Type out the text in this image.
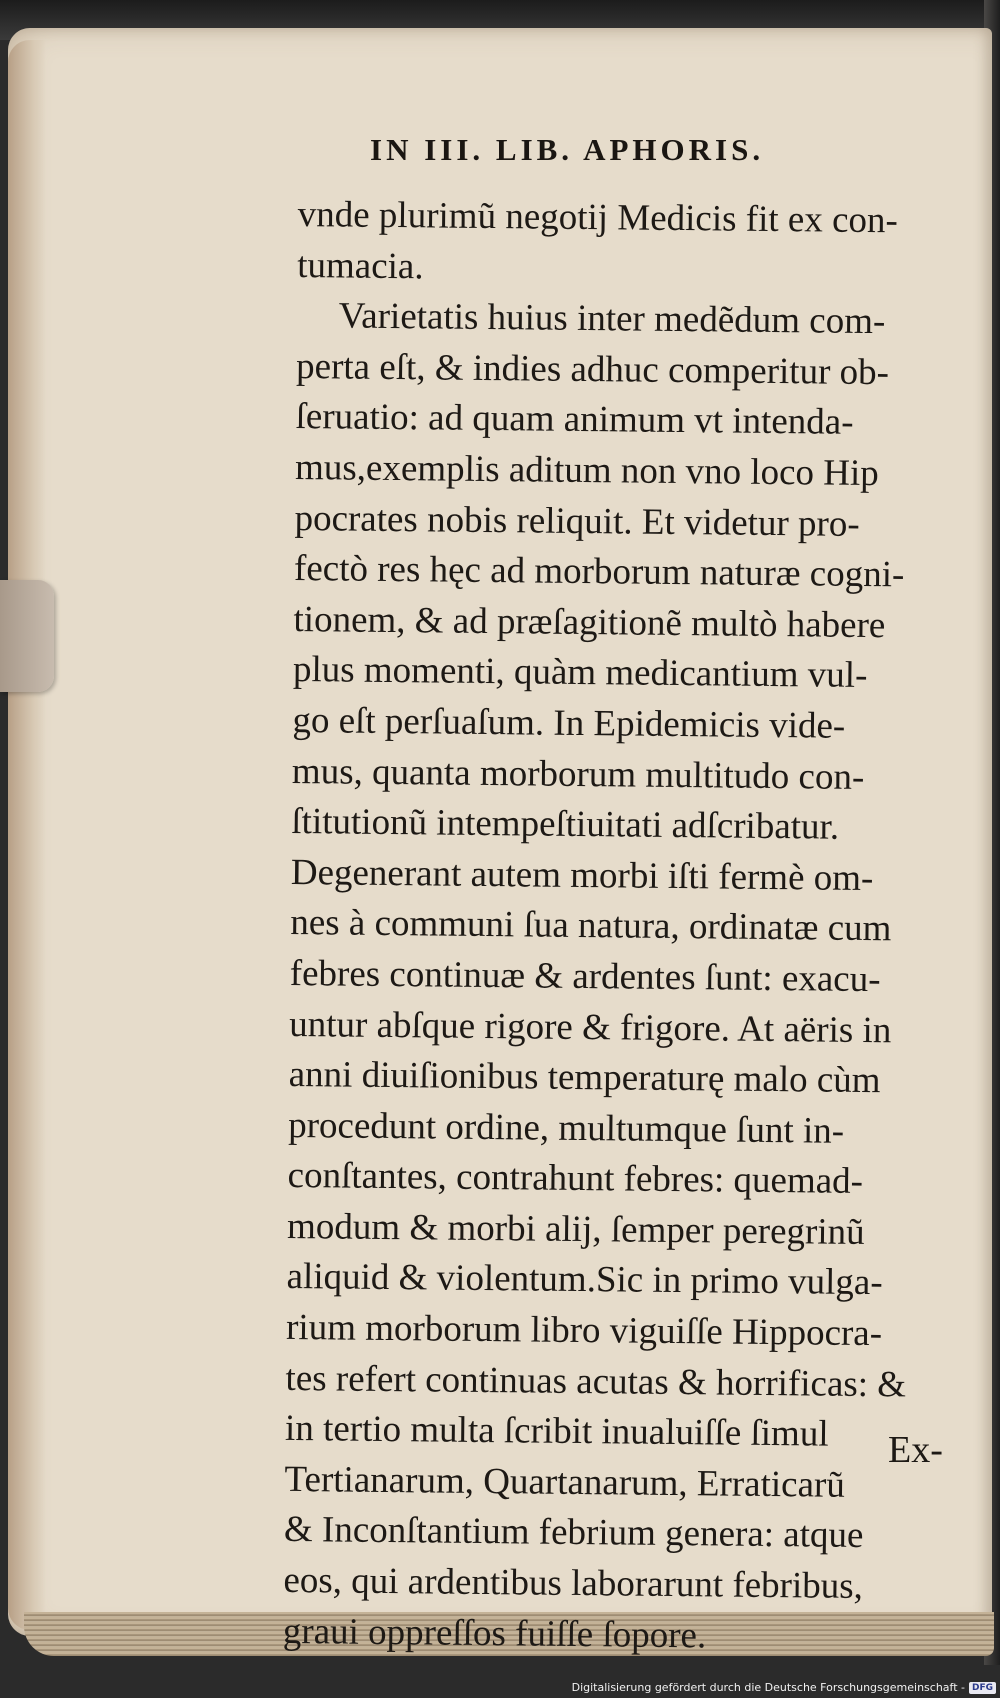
IN III. LIB. APHORIS.
vnde plurimũ negotij Medicis fit ex con-
tumacia.
Varietatis huius inter medẽdum com-
perta eſt, & indies adhuc comperitur ob-
ſeruatio: ad quam animum vt intenda-
mus,exemplis aditum non vno loco Hip
pocrates nobis reliquit. Et videtur pro-
fectò res hęc ad morborum naturæ cogni-
tionem, & ad præſagitionẽ multò habere
plus momenti, quàm medicantium vul-
go eſt perſuaſum. In Epidemicis vide-
mus, quanta morborum multitudo con-
ſtitutionũ intempeſtiuitati adſcribatur.
Degenerant autem morbi iſti fermè om-
nes à communi ſua natura, ordinatæ cum
febres continuæ & ardentes ſunt: exacu-
untur abſque rigore & frigore. At aëris in
anni diuiſionibus temperaturę malo cùm
procedunt ordine, multumque ſunt in-
conſtantes, contrahunt febres: quemad-
modum & morbi alij, ſemper peregrinũ
aliquid & violentum.Sic in primo vulga-
rium morborum libro viguiſſe Hippocra-
tes refert continuas acutas & horrificas: &
in tertio multa ſcribit inualuiſſe ſimul
Tertianarum, Quartanarum, Erraticarũ
& Inconſtantium febrium genera: atque
eos, qui ardentibus laborarunt febribus,
graui oppreſſos fuiſſe ſopore.
Ex-
Digitalisierung gefördert durch die Deutsche Forschungsgemeinschaft - DFG
